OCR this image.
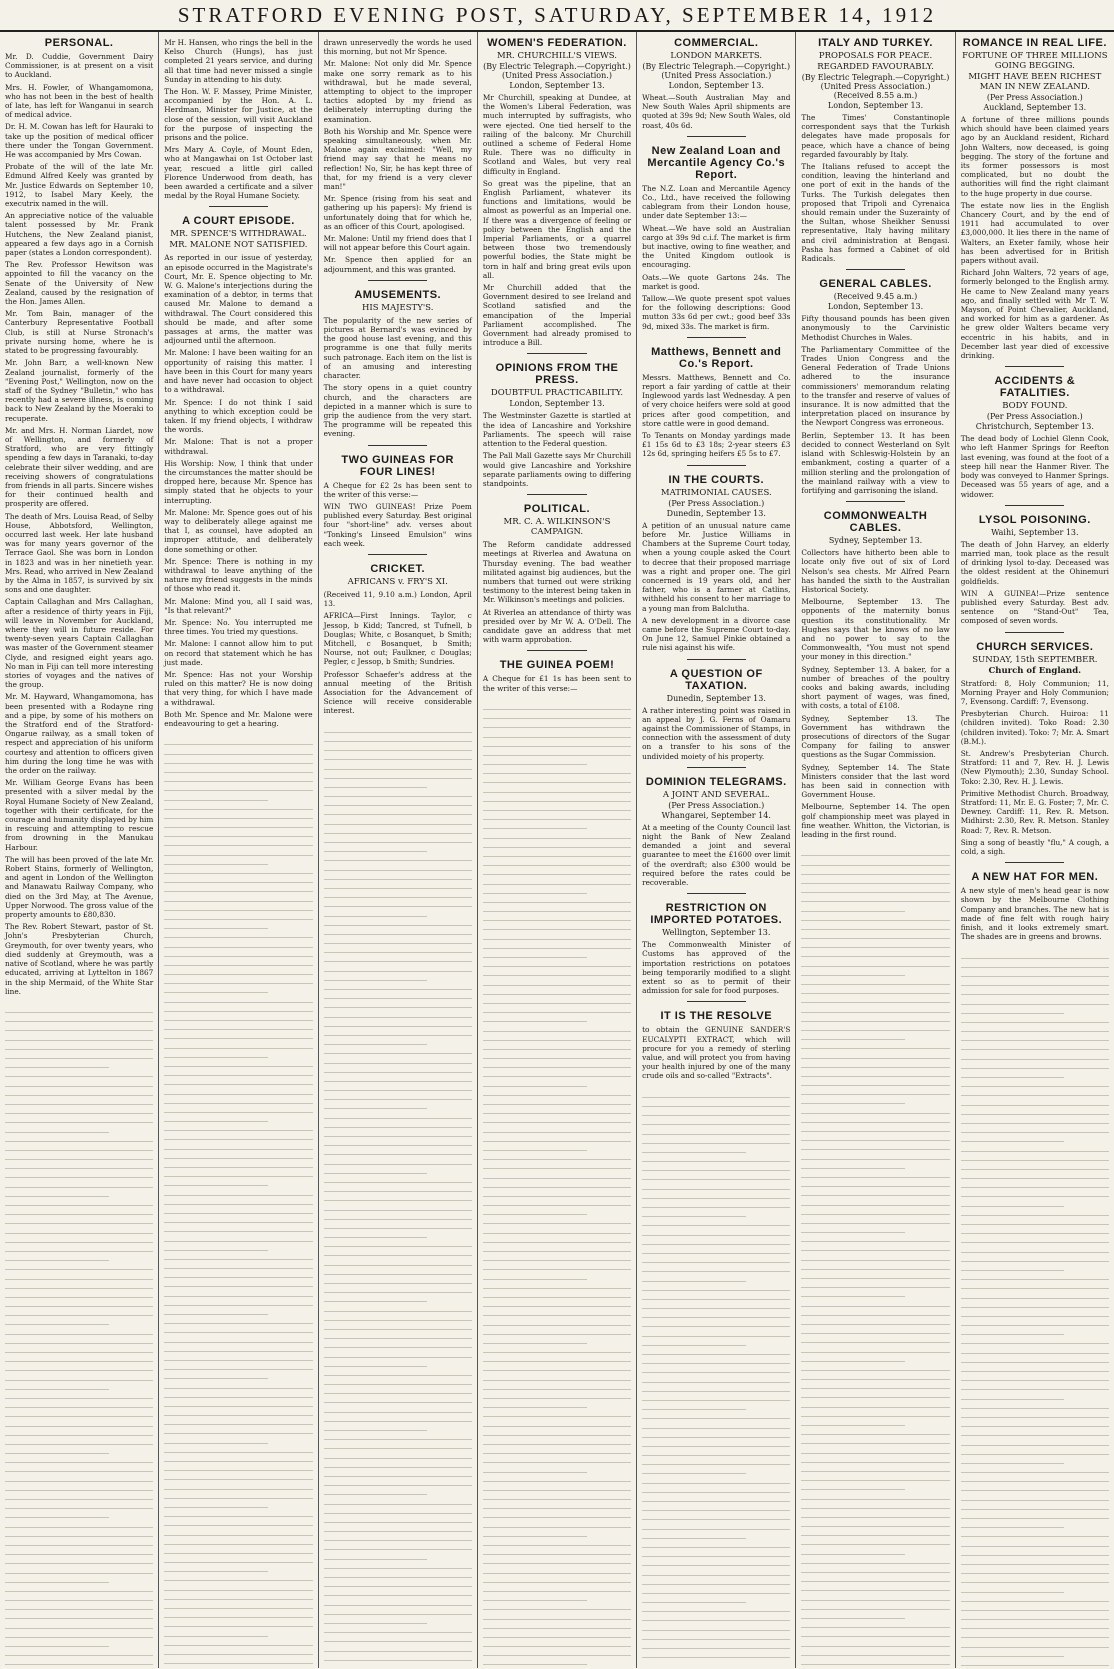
STRATFORD EVENING POST, SATURDAY, SEPTEMBER 14, 1912
PERSONAL.

Mr. D. Cuddie, Government Dairy Commissioner, is at present on a visit to Auckland.

Mrs. H. Fowler, of Whangamomona, who has not been in the best of health of late, has left for Wanganui in search of medical advice.

Dr. H. M. Cowan has left for Hauraki to take up the position of medical officer there under the Tongan Government. He was accompanied by Mrs Cowan.

Probate of the will of the late Mr. Edmund Alfred Keely was granted by Mr. Justice Edwards on September 10, 1912, to Isabel Mary Keely, the executrix named in the will.

An appreciative notice of the valuable talent possessed by Mr. Frank Hutchens, the New Zealand pianist, appeared a few days ago in a Cornish paper (states a London correspondent).

The Rev. Professor Hewitson was appointed to fill the vacancy on the Senate of the University of New Zealand, caused by the resignation of the Hon. James Allen.

Mr. Tom Bain, manager of the Canterbury Representative Football Club, is still at Nurse Stronach's private nursing home, where he is stated to be progressing favourably.

Mr. John Barr, a well-known New Zealand journalist, formerly of the "Evening Post," Wellington, now on the staff of the Sydney "Bulletin," who has recently had a severe illness, is coming back to New Zealand by the Moeraki to recuperate.

Mr. and Mrs. H. Norman Liardet, now of Wellington, and formerly of Stratford, who are very fittingly spending a few days in Taranaki, to-day celebrate their silver wedding, and are receiving showers of congratulations from friends in all parts. Sincere wishes for their continued health and prosperity are offered.

The death of Mrs. Louisa Read, of Selby House, Abbotsford, Wellington, occurred last week. Her late husband was for many years governor of the Terrace Gaol. She was born in London in 1823 and was in her ninetieth year. Mrs. Read, who arrived in New Zealand by the Alma in 1857, is survived by six sons and one daughter.

Captain Callaghan and Mrs Callaghan, after a residence of thirty years in Fiji, will leave in November for Auckland, where they will in future reside. For twenty-seven years Captain Callaghan was master of the Government steamer Clyde, and resigned eight years ago. No man in Fiji can tell more interesting stories of voyages and the natives of the group.

Mr. M. Hayward, Whangamomona, has been presented with a Rodayne ring and a pipe, by some of his mothers on the Stratford end of the Stratford-Ongarue railway, as a small token of respect and appreciation of his uniform courtesy and attention to officers given him during the long time he was with the order on the railway.

Mr. William George Evans has been presented with a silver medal by the Royal Humane Society of New Zealand, together with their certificate, for the courage and humanity displayed by him in rescuing and attempting to rescue from drowning in the Manukau Harbour.

The will has been proved of the late Mr. Robert Stains, formerly of Wellington, and agent in London of the Wellington and Manawatu Railway Company, who died on the 3rd May, at The Avenue, Upper Norwood. The gross value of the property amounts to £80,830.

The Rev. Robert Stewart, pastor of St. John's Presbyterian Church, Greymouth, for over twenty years, who died suddenly at Greymouth, was a native of Scotland, where he was partly educated, arriving at Lyttelton in 1867 in the ship Mermaid, of the White Star line.

Mr H. Hansen, who rings the bell in the Kelso Church (Hungs), has just completed 21 years service, and during all that time had never missed a single Sunday in attending to his duty.

The Hon. W. F. Massey, Prime Minister, accompanied by the Hon. A. L. Herdman, Minister for Justice, at the close of the session, will visit Auckland for the purpose of inspecting the prisons and the police.

Mrs Mary A. Coyle, of Mount Eden, who at Mangawhai on 1st October last year, rescued a little girl called Florence Underwood from death, has been awarded a certificate and a silver medal by the Royal Humane Society.

A COURT EPISODE.
MR. SPENCE'S WITHDRAWAL.
MR. MALONE NOT SATISFIED.

As reported in our issue of yesterday, an episode occurred in the Magistrate's Court, Mr. E. Spence objecting to Mr. W. G. Malone's interjections during the examination of a debtor, in terms that caused Mr. Malone to demand a withdrawal. The Court considered this should be made, and after some passages at arms, the matter was adjourned until the afternoon.

Mr. Malone: I have been waiting for an opportunity of raising this matter. I have been in this Court for many years and have never had occasion to object to a withdrawal.

Mr. Spence: I do not think I said anything to which exception could be taken. If my friend objects, I withdraw the words.

Mr. Malone: That is not a proper withdrawal.

His Worship: Now, I think that under the circumstances the matter should be dropped here, because Mr. Spence has simply stated that he objects to your interrupting.

Mr. Malone: Mr. Spence goes out of his way to deliberately allege against me that I, as counsel, have adopted an improper attitude, and deliberately done something or other.

Mr. Spence: There is nothing in my withdrawal to leave anything of the nature my friend suggests in the minds of those who read it.

Mr. Malone: Mind you, all I said was, "Is that relevant?"

Mr. Spence: No. You interrupted me three times. You tried my questions.

Mr. Malone: I cannot allow him to put on record that statement which he has just made.

Mr. Spence: Has not your Worship ruled on this matter? He is now doing that very thing, for which I have made a withdrawal.

Both Mr. Spence and Mr. Malone were endeavouring to get a hearing.

drawn unreservedly the words he used this morning, but not Mr Spence.

Mr. Malone: Not only did Mr. Spence make one sorry remark as to his withdrawal, but he made several, attempting to object to the improper tactics adopted by my friend as deliberately interrupting during the examination.

Both his Worship and Mr. Spence were speaking simultaneously, when Mr. Malone again exclaimed: "Well, my friend may say that he means no reflection! No, Sir, he has kept three of that, for my friend is a very clever man!"

Mr. Spence (rising from his seat and gathering up his papers): My friend is unfortunately doing that for which he, as an officer of this Court, apologised.

Mr. Malone: Until my friend does that I will not appear before this Court again.

Mr. Spence then applied for an adjournment, and this was granted.

AMUSEMENTS.
HIS MAJESTY'S.

The popularity of the new series of pictures at Bernard's was evinced by the good house last evening, and this programme is one that fully merits such patronage. Each item on the list is of an amusing and interesting character.

The story opens in a quiet country church, and the characters are depicted in a manner which is sure to grip the audience from the very start. The programme will be repeated this evening.

TWO GUINEAS FOR FOUR LINES!

A Cheque for £2 2s has been sent to the writer of this verse:—

WIN TWO GUINEAS! Prize Poem published every Saturday. Best original four "short-line" adv. verses about "Tonking's Linseed Emulsion" wins each week.

CRICKET.
AFRICANS v. FRY'S XI.

(Received 11, 9.10 a.m.) London, April 13.

AFRICA—First Innings. Taylor, c Jessop, b Kidd; Tancred, st Tufnell, b Douglas; White, c Bosanquet, b Smith; Mitchell, c Bosanquet, b Smith; Nourse, not out; Faulkner, c Douglas; Pegler, c Jessop, b Smith; Sundries.

Professor Schaefer's address at the annual meeting of the British Association for the Advancement of Science will receive considerable interest.

WOMEN'S FEDERATION.
MR. CHURCHILL'S VIEWS.
(By Electric Telegraph.—Copyright.) (United Press Association.)
London, September 13.

Mr Churchill, speaking at Dundee, at the Women's Liberal Federation, was much interrupted by suffragists, who were ejected. One tied herself to the railing of the balcony. Mr Churchill outlined a scheme of Federal Home Rule. There was no difficulty in Scotland and Wales, but very real difficulty in England.

So great was the pipeline, that an English Parliament, whatever its functions and limitations, would be almost as powerful as an Imperial one. If there was a divergence of feeling or policy between the English and the Imperial Parliaments, or a quarrel between those two tremendously powerful bodies, the State might be torn in half and bring great evils upon all.

Mr Churchill added that the Government desired to see Ireland and Scotland satisfied and the emancipation of the Imperial Parliament accomplished. The Government had already promised to introduce a Bill.

OPINIONS FROM THE PRESS.
DOUBTFUL PRACTICABILITY.
London, September 13.

The Westminster Gazette is startled at the idea of Lancashire and Yorkshire Parliaments. The speech will raise attention to the Federal question.

The Pall Mall Gazette says Mr Churchill would give Lancashire and Yorkshire separate parliaments owing to differing standpoints.

POLITICAL.
MR. C. A. WILKINSON'S CAMPAIGN.

The Reform candidate addressed meetings at Riverlea and Awatuna on Thursday evening. The bad weather militated against big audiences, but the numbers that turned out were striking testimony to the interest being taken in Mr. Wilkinson's meetings and policies.

At Riverlea an attendance of thirty was presided over by Mr W. A. O'Dell. The candidate gave an address that met with warm approbation.

THE GUINEA POEM!

A Cheque for £1 1s has been sent to the writer of this verse:—

COMMERCIAL.
LONDON MARKETS.
(By Electric Telegraph.—Copyright.) (United Press Association.)
London, September 13.

Wheat.—South Australian May and New South Wales April shipments are quoted at 39s 9d; New South Wales, old roast, 40s 6d.

New Zealand Loan and Mercantile Agency Co.'s Report.

The N.Z. Loan and Mercantile Agency Co., Ltd., have received the following cablegram from their London house, under date September 13:—

Wheat.—We have sold an Australian cargo at 39s 9d c.i.f. The market is firm but inactive, owing to fine weather, and the United Kingdom outlook is encouraging.

Oats.—We quote Gartons 24s. The market is good.

Tallow.—We quote present spot values for the following descriptions: Good mutton 33s 6d per cwt.; good beef 33s 9d, mixed 33s. The market is firm.

Matthews, Bennett and Co.'s Report.

Messrs. Matthews, Bennett and Co. report a fair yarding of cattle at their Inglewood yards last Wednesday. A pen of very choice heifers were sold at good prices after good competition, and store cattle were in good demand.

To Tenants on Monday yardings made £1 15s 6d to £3 18s; 2-year steers £3 12s 6d, springing heifers £5 5s to £7.

IN THE COURTS.
MATRIMONIAL CAUSES.
(Per Press Association.)
Dunedin, September 13.

A petition of an unusual nature came before Mr. Justice Williams in Chambers at the Supreme Court today, when a young couple asked the Court to decree that their proposed marriage was a right and proper one. The girl concerned is 19 years old, and her father, who is a farmer at Catlins, withheld his consent to her marriage to a young man from Balclutha.

A new development in a divorce case came before the Supreme Court to-day. On June 12, Samuel Pinkie obtained a rule nisi against his wife.

A QUESTION OF TAXATION.
Dunedin, September 13.

A rather interesting point was raised in an appeal by J. G. Ferns of Oamaru against the Commissioner of Stamps, in connection with the assessment of duty on a transfer to his sons of the undivided moiety of his property.

DOMINION TELEGRAMS.
A JOINT AND SEVERAL.
(Per Press Association.)
Whangarei, September 14.

At a meeting of the County Council last night the Bank of New Zealand demanded a joint and several guarantee to meet the £1600 over limit of the overdraft; also £300 would be required before the rates could be recoverable.

RESTRICTION ON IMPORTED POTATOES.
Wellington, September 13.

The Commonwealth Minister of Customs has approved of the importation restrictions on potatoes being temporarily modified to a slight extent so as to permit of their admission for sale for food purposes.

IT IS THE RESOLVE

to obtain the GENUINE SANDER'S EUCALYPTI EXTRACT, which will procure for you a remedy of sterling value, and will protect you from having your health injured by one of the many crude oils and so-called "Extracts".

ITALY AND TURKEY.
PROPOSALS FOR PEACE.
REGARDED FAVOURABLY.
(By Electric Telegraph.—Copyright.) (United Press Association.) (Received 8.55 a.m.)
London, September 13.

The Times' Constantinople correspondent says that the Turkish delegates have made proposals for peace, which have a chance of being regarded favourably by Italy.

The Italians refused to accept the condition, leaving the hinterland and one port of exit in the hands of the Turks. The Turkish delegates then proposed that Tripoli and Cyrenaica should remain under the Suzerainty of the Sultan, whose Sheikher Senussi representative, Italy having military and civil administration at Bengasi. Pasha has formed a Cabinet of old Radicals.

GENERAL CABLES.
(Received 9.45 a.m.)
London, September 13.

Fifty thousand pounds has been given anonymously to the Carvinistic Methodist Churches in Wales.

The Parliamentary Committee of the Trades Union Congress and the General Federation of Trade Unions adhered to the insurance commissioners' memorandum relating to the transfer and reserve of values of insurance. It is now admitted that the interpretation placed on insurance by the Newport Congress was erroneous.

Berlin, September 13. It has been decided to connect Westerland on Sylt island with Schleswig-Holstein by an embankment, costing a quarter of a million sterling and the prolongation of the mainland railway with a view to fortifying and garrisoning the island.

COMMONWEALTH CABLES.
Sydney, September 13.

Collectors have hitherto been able to locate only five out of six of Lord Nelson's sea chests. Mr Alfred Pearn has handed the sixth to the Australian Historical Society.

Melbourne, September 13. The opponents of the maternity bonus question its constitutionality. Mr Hughes says that he knows of no law and no power to say to the Commonwealth, "You must not spend your money in this direction."

Sydney, September 13. A baker, for a number of breaches of the poultry cooks and baking awards, including short payment of wages, was fined, with costs, a total of £108.

Sydney, September 13. The Government has withdrawn the prosecutions of directors of the Sugar Company for failing to answer questions as the Sugar Commission.

Sydney, September 14. The State Ministers consider that the last word has been said in connection with Government House.

Melbourne, September 14. The open golf championship meet was played in fine weather. Whitton, the Victorian, is leading in the first round.

ROMANCE IN REAL LIFE.
FORTUNE OF THREE MILLIONS GOING BEGGING.
MIGHT HAVE BEEN RICHEST MAN IN NEW ZEALAND.
(Per Press Association.)
Auckland, September 13.

A fortune of three millions pounds which should have been claimed years ago by an Auckland resident, Richard John Walters, now deceased, is going begging. The story of the fortune and its former possessors is most complicated, but no doubt the authorities will find the right claimant to the huge property in due course.

The estate now lies in the English Chancery Court, and by the end of 1911 had accumulated to over £3,000,000. It lies there in the name of Walters, an Exeter family, whose heir has been advertised for in British papers without avail.

Richard John Walters, 72 years of age, formerly belonged to the English army. He came to New Zealand many years ago, and finally settled with Mr T. W. Mayson, of Point Chevalier, Auckland, and worked for him as a gardener. As he grew older Walters became very eccentric in his habits, and in December last year died of excessive drinking.

ACCIDENTS & FATALITIES.
BODY FOUND.
(Per Press Association.)
Christchurch, September 13.

The dead body of Lochiel Glenn Cook, who left Hanmer Springs for Reefton last evening, was found at the foot of a steep hill near the Hanmer River. The body was conveyed to Hanmer Springs. Deceased was 55 years of age, and a widower.

LYSOL POISONING.
Waihi, September 13.

The death of John Harvey, an elderly married man, took place as the result of drinking lysol to-day. Deceased was the oldest resident at the Ohinemuri goldfields.

WIN A GUINEA!—Prize sentence published every Saturday. Best adv. sentence on "Stand-Out" Tea, composed of seven words.

CHURCH SERVICES.
SUNDAY, 15th SEPTEMBER.
Church of England.

Stratford: 8, Holy Communion; 11, Morning Prayer and Holy Communion; 7, Evensong. Cardiff: 7, Evensong.

Presbyterian Church. Huiroa: 11 (children invited). Toko Road: 2.30 (children invited). Toko: 7; Mr. A. Smart (B.M.).

St. Andrew's Presbyterian Church. Stratford: 11 and 7, Rev. H. J. Lewis (New Plymouth); 2.30, Sunday School. Toko: 2.30, Rev. H. J. Lewis.

Primitive Methodist Church. Broadway, Stratford: 11, Mr. E. G. Foster; 7, Mr. C. Dewney. Cardiff: 11, Rev. R. Metson. Midhirst: 2.30, Rev. R. Metson. Stanley Road: 7, Rev. R. Metson.

Sing a song of beastly "flu," A cough, a cold, a sigh.

A NEW HAT FOR MEN.

A new style of men's head gear is now shown by the Melbourne Clothing Company and branches. The new hat is made of fine felt with rough hairy finish, and it looks extremely smart. The shades are in greens and browns.
